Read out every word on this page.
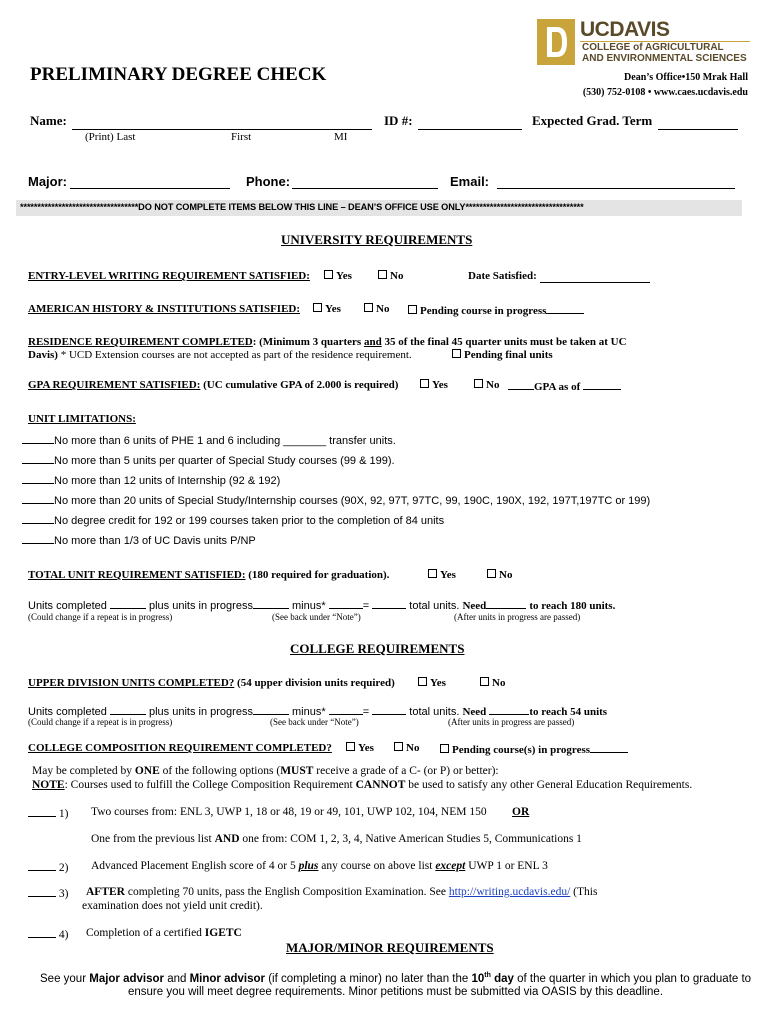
UCDAVIS
COLLEGE of AGRICULTURAL
AND ENVIRONMENTAL SCIENCES
PRELIMINARY DEGREE CHECK	Dean’s Office•150 Mrak Hall
(530) 752-0108 • www.caes.ucdavis.edu
Name:
(Print) Last	First	MI
ID #:	Expected Grad. Term
Major:	Phone:	Email:
**********************************DO NOT COMPLETE ITEMS BELOW THIS LINE – DEAN’S OFFICE USE ONLY**********************************
UNIVERSITY REQUIREMENTS
ENTRY-LEVEL WRITING REQUIREMENT SATISFIED:	Yes	No	Date Satisfied:
AMERICAN HISTORY & INSTITUTIONS SATISFIED:	Yes	No	Pending course in progress
RESIDENCE REQUIREMENT COMPLETED: (Minimum 3 quarters and 35 of the final 45 quarter units must be taken at UC
Davis) * UCD Extension courses are not accepted as part of the residence requirement.	Pending final units
GPA REQUIREMENT SATISFIED: (UC cumulative GPA of 2.000 is required)	Yes	No	GPA as of
UNIT LIMITATIONS:
No more than 6 units of PHE 1 and 6 including _______ transfer units.
No more than 5 units per quarter of Special Study courses (99 & 199).
No more than 12 units of Internship (92 & 192)
No more than 20 units of Special Study/Internship courses (90X, 92, 97T, 97TC, 99, 190C, 190X, 192, 197T,197TC or 199)
No degree credit for 192 or 199 courses taken prior to the completion of 84 units
No more than 1/3 of UC Davis units P/NP
TOTAL UNIT REQUIREMENT SATISFIED: (180 required for graduation).	Yes	No
Units completed	plus units in progress	minus*	=	total units. Need	to reach 180 units.
(Could change if a repeat is in progress)	(See back under “Note”)	(After units in progress are passed)
COLLEGE REQUIREMENTS
UPPER DIVISION UNITS COMPLETED? (54 upper division units required)	Yes	No
Units completed	plus units in progress	minus*	=	total units. Need	to reach 54 units
(Could change if a repeat is in progress)	(See back under “Note”)	(After units in progress are passed)
COLLEGE COMPOSITION REQUIREMENT COMPLETED?	Yes	No	Pending course(s) in progress
May be completed by ONE of the following options (MUST receive a grade of a C- (or P) or better):
NOTE: Courses used to fulfill the College Composition Requirement CANNOT be used to satisfy any other General Education Requirements.
1) Two courses from: ENL 3, UWP 1, 18 or 48, 19 or 49, 101, UWP 102, 104, NEM 150 OR
One from the previous list AND one from: COM 1, 2, 3, 4, Native American Studies 5, Communications 1
2) Advanced Placement English score of 4 or 5 plus any course on above list except UWP 1 or ENL 3
3) AFTER completing 70 units, pass the English Composition Examination. See http://writing.ucdavis.edu/ (This
examination does not yield unit credit).
4) Completion of a certified IGETC
MAJOR/MINOR REQUIREMENTS
See your Major advisor and Minor advisor (if completing a minor) no later than the 10th day of the quarter in which you plan to graduate to
ensure you will meet degree requirements. Minor petitions must be submitted via OASIS by this deadline.
